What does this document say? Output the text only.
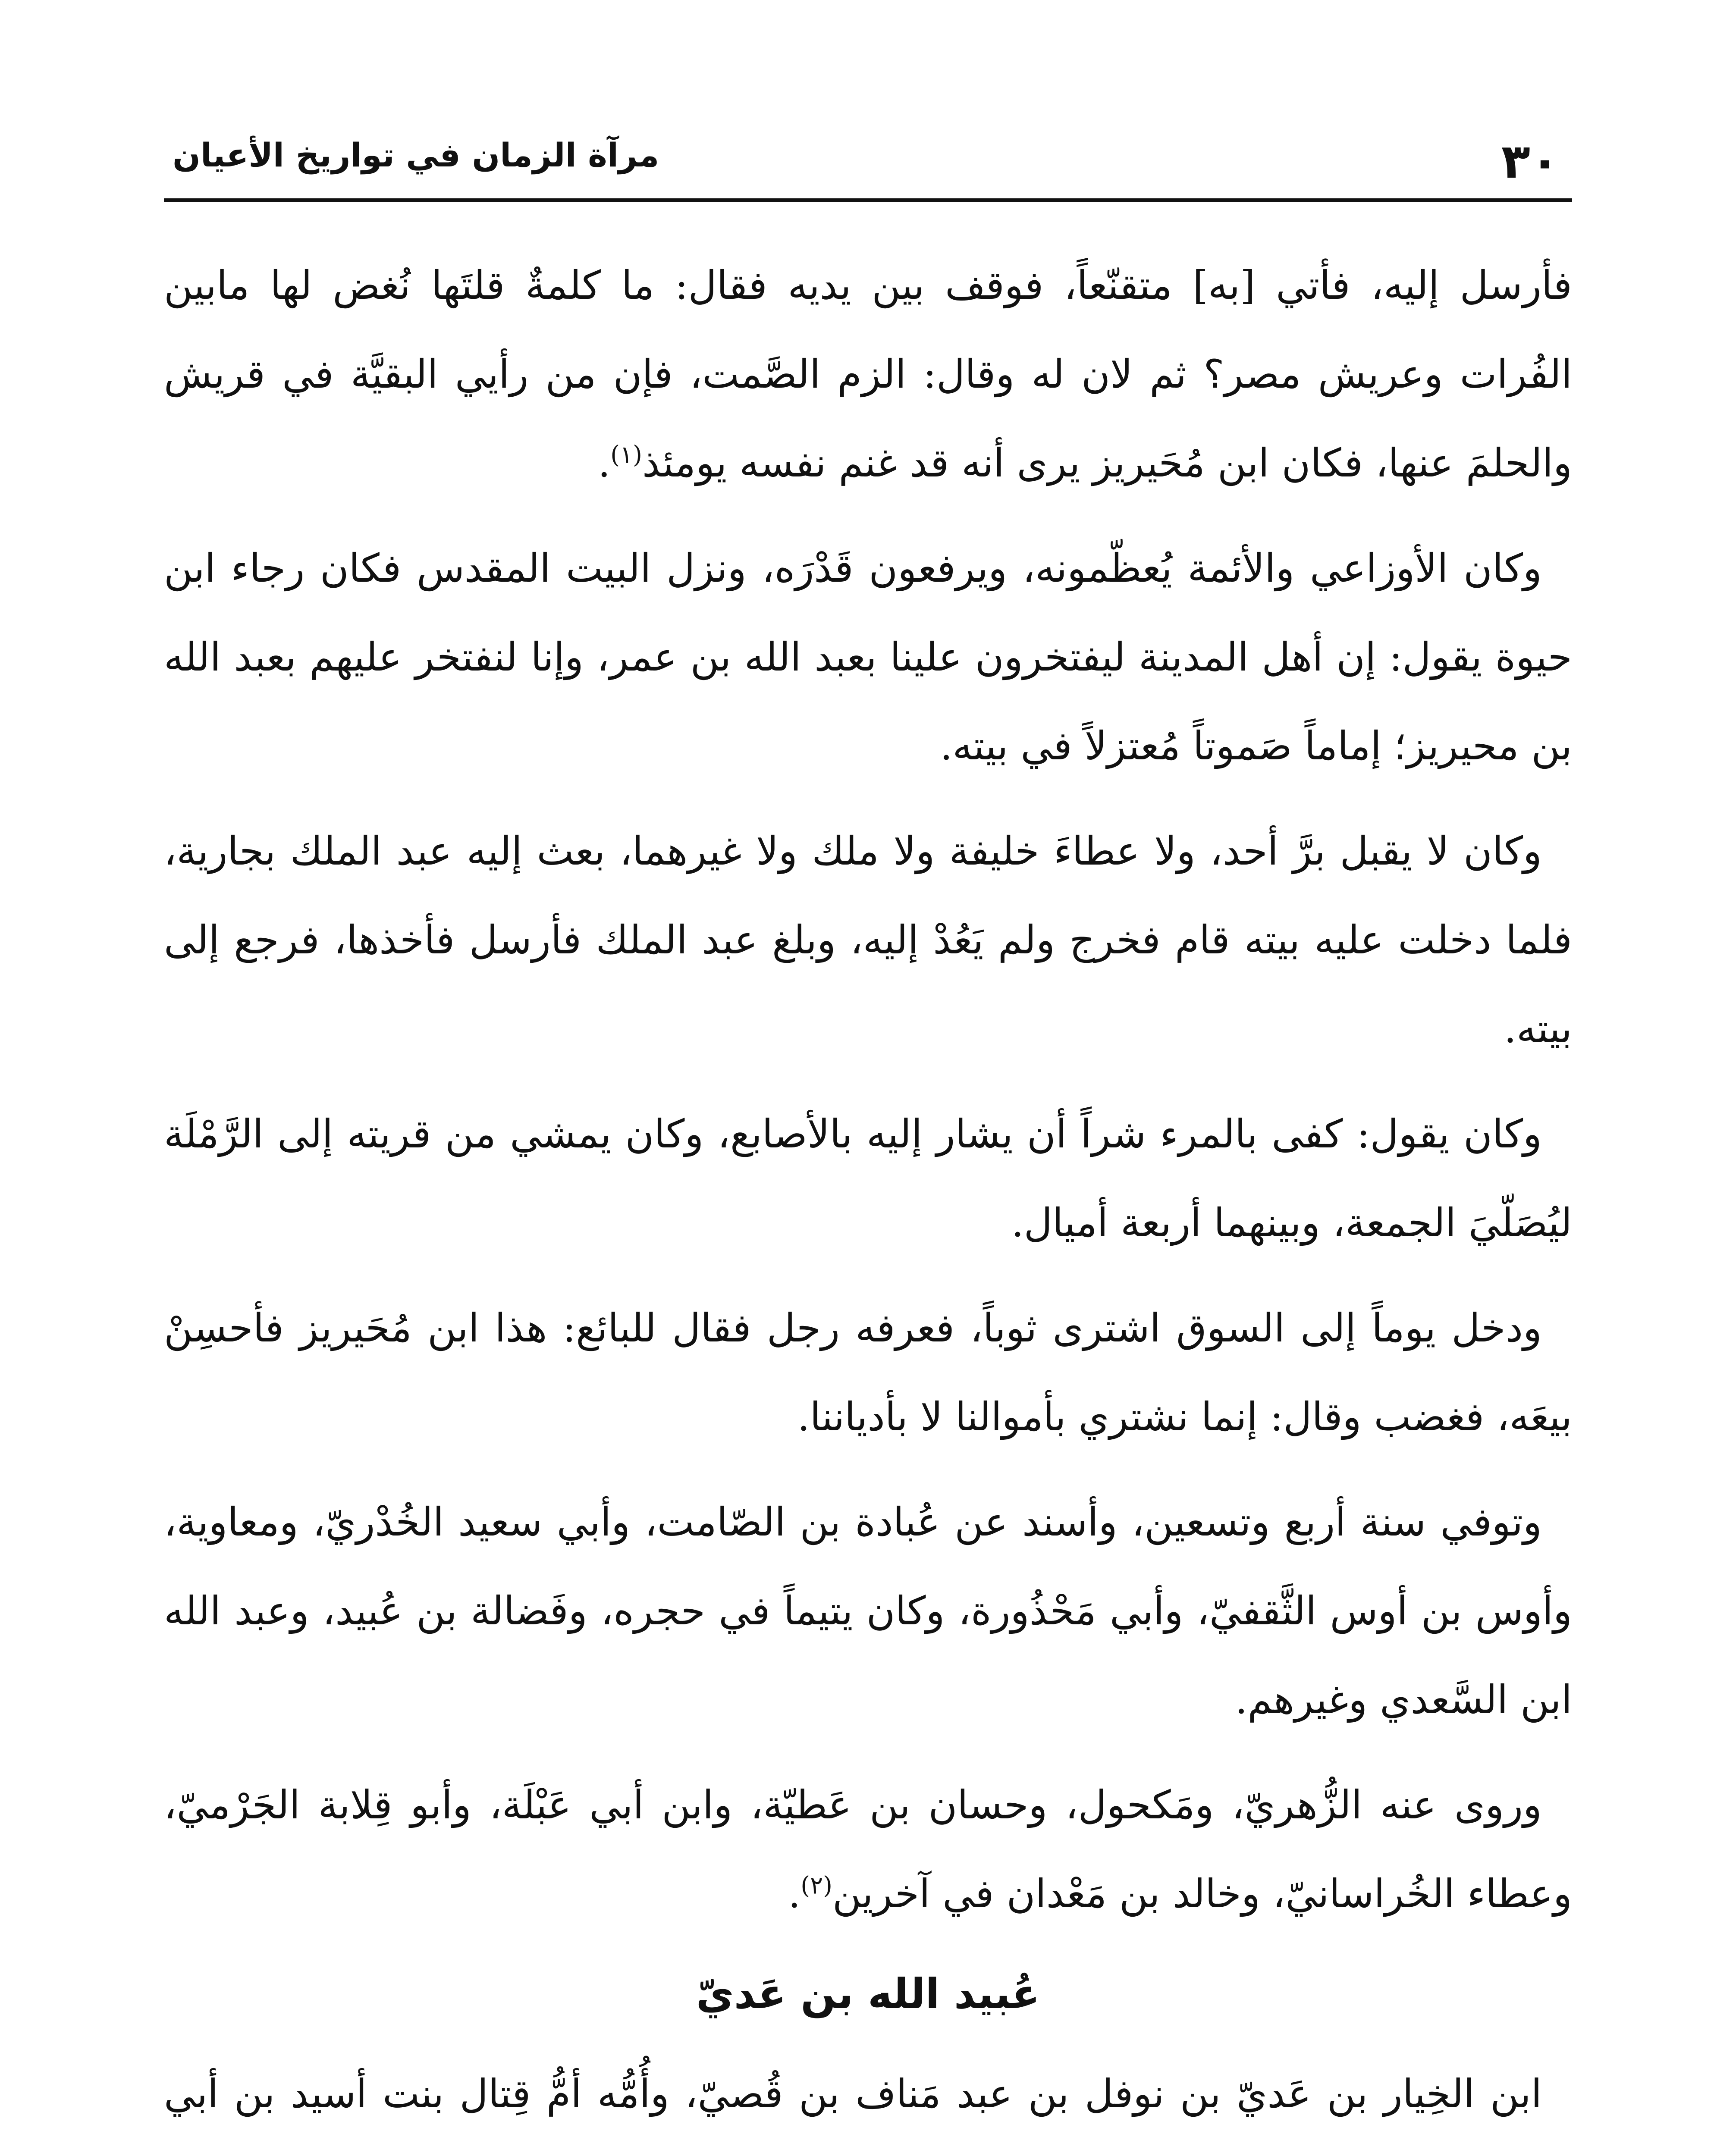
٣٠
مرآة الزمان في تواريخ الأعيان

فأرسل إليه، فأتي [به] متقنّعاً، فوقف بين يديه فقال: ما كلمةٌ قلتَها نُغض لها مابين الفُرات وعريش مصر؟ ثم لان له وقال: الزم الصَّمت، فإن من رأيي البقيَّة في قريش والحلمَ عنها، فكان ابن مُحَيريز يرى أنه قد غنم نفسه يومئذ$^{(١)}$.

وكان الأوزاعي والأئمة يُعظّمونه، ويرفعون قَدْرَه، ونزل البيت المقدس فكان رجاء ابن حيوة يقول: إن أهل المدينة ليفتخرون علينا بعبد الله بن عمر، وإنا لنفتخر عليهم بعبد الله بن محيريز؛ إماماً صَموتاً مُعتزلاً في بيته.

وكان لا يقبل برَّ أحد، ولا عطاءَ خليفة ولا ملك ولا غيرهما، بعث إليه عبد الملك بجارية، فلما دخلت عليه بيته قام فخرج ولم يَعُدْ إليه، وبلغ عبد الملك فأرسل فأخذها، فرجع إلى بيته.

وكان يقول: كفى بالمرء شراً أن يشار إليه بالأصابع، وكان يمشي من قريته إلى الرَّمْلَة ليُصَلّيَ الجمعة، وبينهما أربعة أميال.

ودخل يوماً إلى السوق اشترى ثوباً، فعرفه رجل فقال للبائع: هذا ابن مُحَيريز فأحسِنْ بيعَه، فغضب وقال: إنما نشتري بأموالنا لا بأدياننا.

وتوفي سنة أربع وتسعين، وأسند عن عُبادة بن الصّامت، وأبي سعيد الخُدْريّ، ومعاوية، وأوس بن أوس الثَّقفيّ، وأبي مَحْذُورة، وكان يتيماً في حجره، وفَضالة بن عُبيد، وعبد الله ابن السَّعدي وغيرهم.

وروى عنه الزُّهريّ، ومَكحول، وحسان بن عَطيّة، وابن أبي عَبْلَة، وأبو قِلابة الجَرْميّ، وعطاء الخُراسانيّ، وخالد بن مَعْدان في آخرين$^{(٢)}$.

عُبيد الله بن عَديّ

ابن الخِيار بن عَديّ بن نوفل بن عبد مَناف بن قُصيّ، وأُمُّه أمُّ قِتال بنت أسيد بن أبي
